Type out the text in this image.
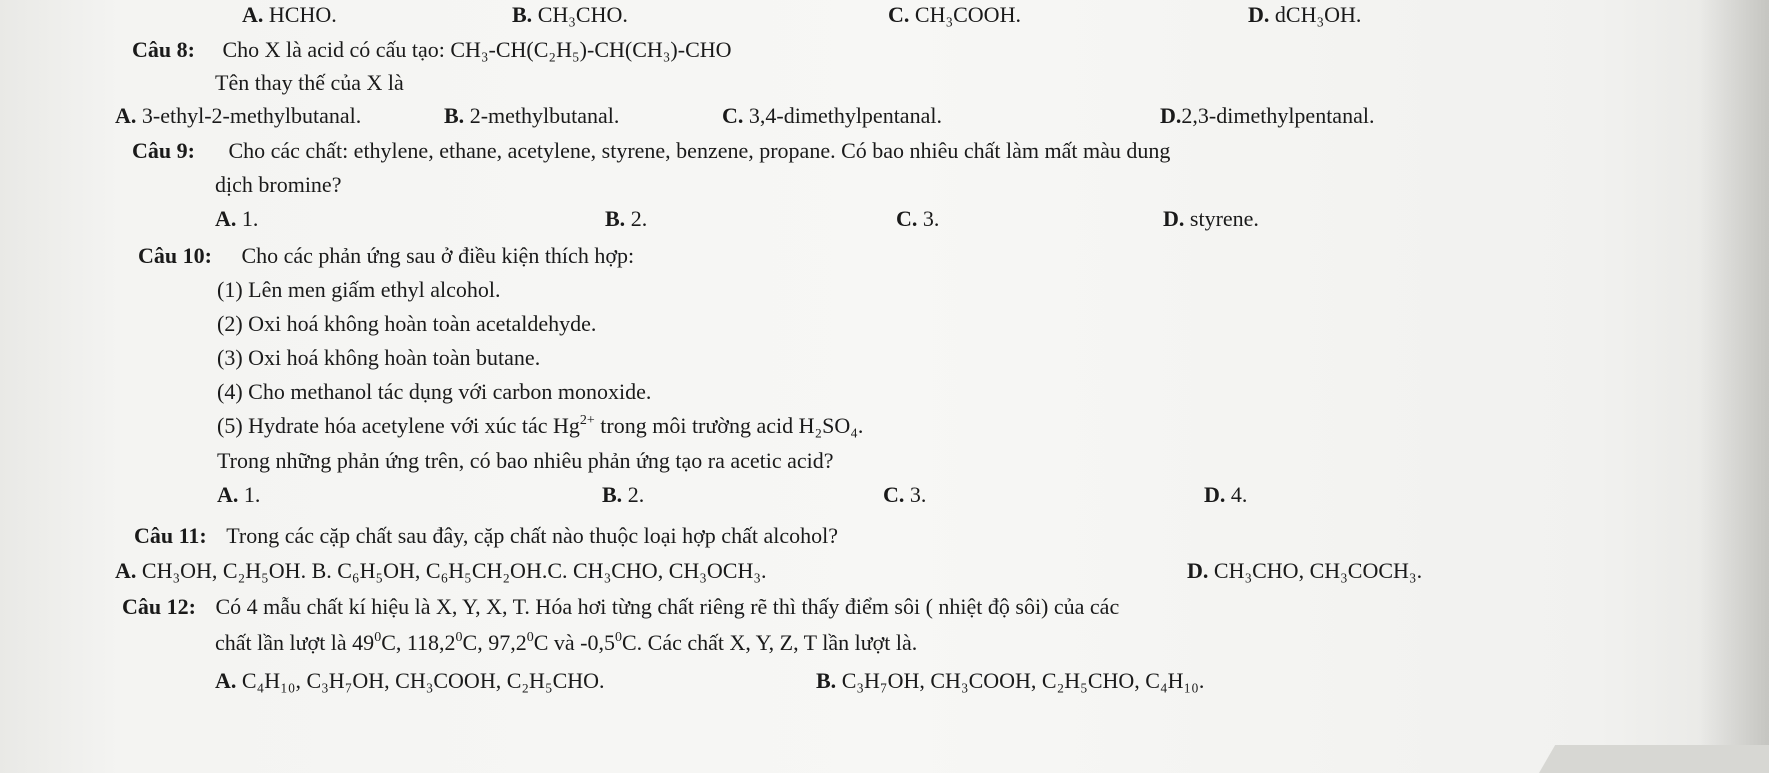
A. HCHO.	B. CH₃CHO.	C. CH₃COOH.	D. dCH₃OH.
Câu 8: Cho X là acid có cấu tạo: CH₃-CH(C₂H₅)-CH(CH₃)-CHO
Tên thay thế của X là
A. 3-ethyl-2-methylbutanal.	B. 2-methylbutanal.	C. 3,4-dimethylpentanal.	D.2,3-dimethylpentanal.
Câu 9: Cho các chất: ethylene, ethane, acetylene, styrene, benzene, propane. Có bao nhiêu chất làm mất màu dung
dịch bromine?
A. 1.	B. 2.	C. 3.	D. styrene.
Câu 10: Cho các phản ứng sau ở điều kiện thích hợp:
(1) Lên men giấm ethyl alcohol.
(2) Oxi hoá không hoàn toàn acetaldehyde.
(3) Oxi hoá không hoàn toàn butane.
(4) Cho methanol tác dụng với carbon monoxide.
(5) Hydrate hóa acetylene với xúc tác $Hg^{2+}$ trong môi trường acid H₂SO₄.
Trong những phản ứng trên, có bao nhiêu phản ứng tạo ra acetic acid?
A. 1.	B. 2.	C. 3.	D. 4.
Câu 11: Trong các cặp chất sau đây, cặp chất nào thuộc loại hợp chất alcohol?
A. CH₃OH, C₂H₅OH. B. C₆H₅OH, C₆H₅CH₂OH.C. CH₃CHO, CH₃OCH₃.	D. CH₃CHO, CH₃COCH₃.
Câu 12: Có 4 mẫu chất kí hiệu là X, Y, X, T. Hóa hơi từng chất riêng rẽ thì thấy điểm sôi ( nhiệt độ sôi) của các
chất lần lượt là $49^0C$, 118,2$^0$C, 97,2$^0$C và $-0,5^0C$. Các chất X, Y, Z, T lần lượt là.
A. C₄H₁₀, C₃H₇OH, CH₃COOH, C₂H₅CHO.	B. C₃H₇OH, CH₃COOH, C₂H₅CHO, C₄H₁₀.
